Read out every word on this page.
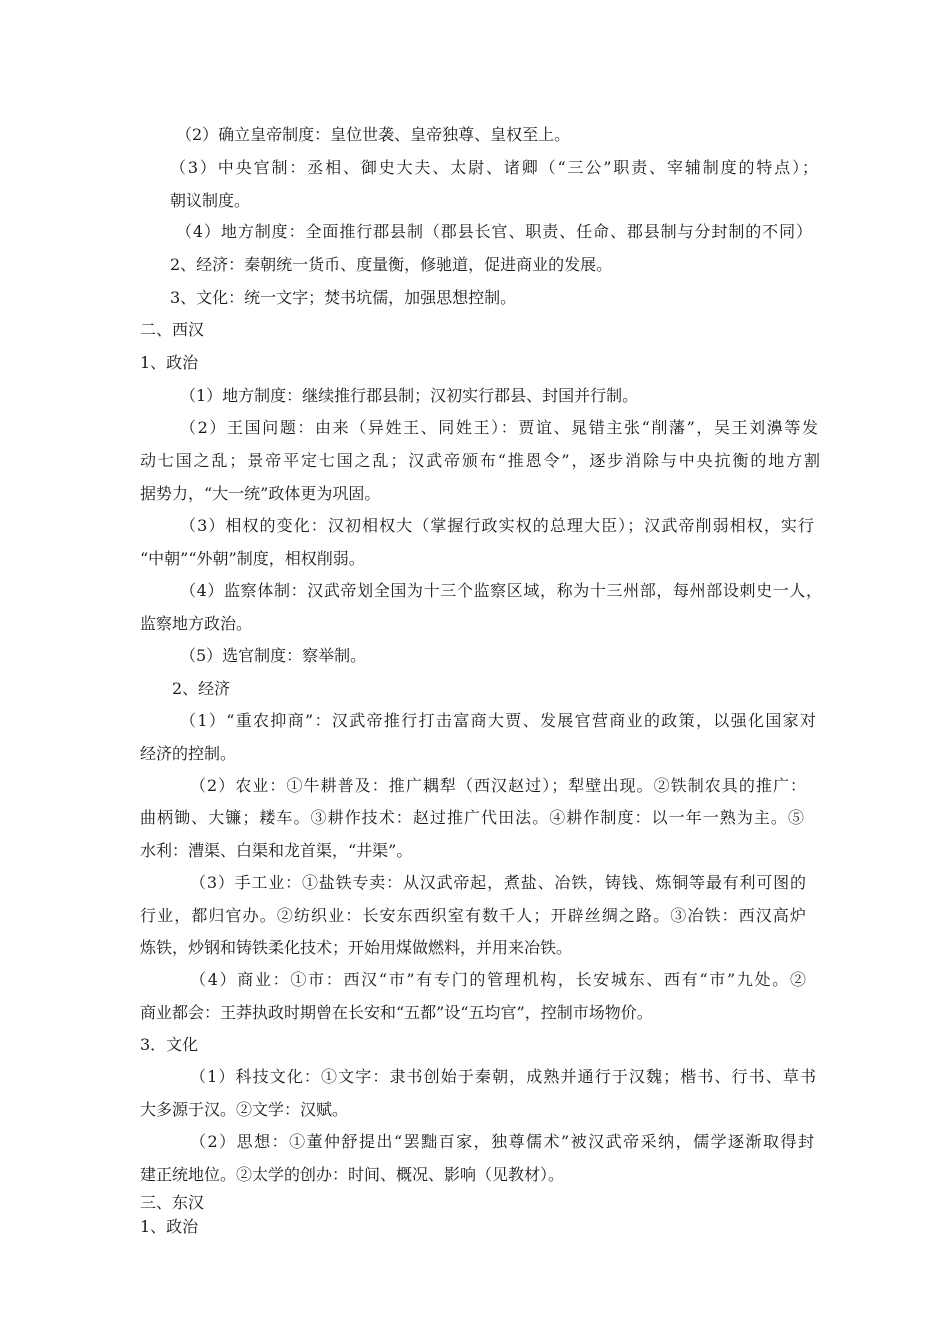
（2）确立皇帝制度：皇位世袭、皇帝独尊、皇权至上。
（3）中央官制：丞相、御史大夫、太尉、诸卿（“三公”职责、宰辅制度的特点）；
朝议制度。
（4）地方制度：全面推行郡县制（郡县长官、职责、任命、郡县制与分封制的不同）
2、经济：秦朝统一货币、度量衡，修驰道，促进商业的发展。
3、文化：统一文字；焚书坑儒，加强思想控制。
二、西汉
1、政治
（1）地方制度：继续推行郡县制；汉初实行郡县、封国并行制。
（2）王国问题：由来（异姓王、同姓王）：贾谊、晁错主张“削藩”，吴王刘濞等发
动七国之乱；景帝平定七国之乱；汉武帝颁布“推恩令”，逐步消除与中央抗衡的地方割
据势力，“大一统”政体更为巩固。
（3）相权的变化：汉初相权大（掌握行政实权的总理大臣）；汉武帝削弱相权，实行
“中朝”“外朝”制度，相权削弱。
（4）监察体制：汉武帝划全国为十三个监察区域，称为十三州部，每州部设刺史一人，
监察地方政治。
（5）选官制度：察举制。
2、经济
（1）“重农抑商”：汉武帝推行打击富商大贾、发展官营商业的政策，以强化国家对
经济的控制。
（2）农业：①牛耕普及：推广耦犁（西汉赵过）；犁壁出现。②铁制农具的推广：
曲柄锄、大镰；耧车。③耕作技术：赵过推广代田法。④耕作制度：以一年一熟为主。⑤
水利：漕渠、白渠和龙首渠，“井渠”。
（3）手工业：①盐铁专卖：从汉武帝起，煮盐、冶铁，铸钱、炼铜等最有利可图的
行业，都归官办。②纺织业：长安东西织室有数千人；开辟丝绸之路。③冶铁：西汉高炉
炼铁，炒钢和铸铁柔化技术；开始用煤做燃料，并用来冶铁。
（4）商业：①市：西汉“市”有专门的管理机构，长安城东、西有“市”九处。②
商业都会：王莽执政时期曾在长安和“五都”设“五均官”，控制市场物价。
3．文化
（1）科技文化：①文字：隶书创始于秦朝，成熟并通行于汉魏；楷书、行书、草书
大多源于汉。②文学：汉赋。
（2）思想：①董仲舒提出“罢黜百家，独尊儒术”被汉武帝采纳，儒学逐渐取得封
建正统地位。②太学的创办：时间、概况、影响（见教材）。
三、东汉
1、政治
